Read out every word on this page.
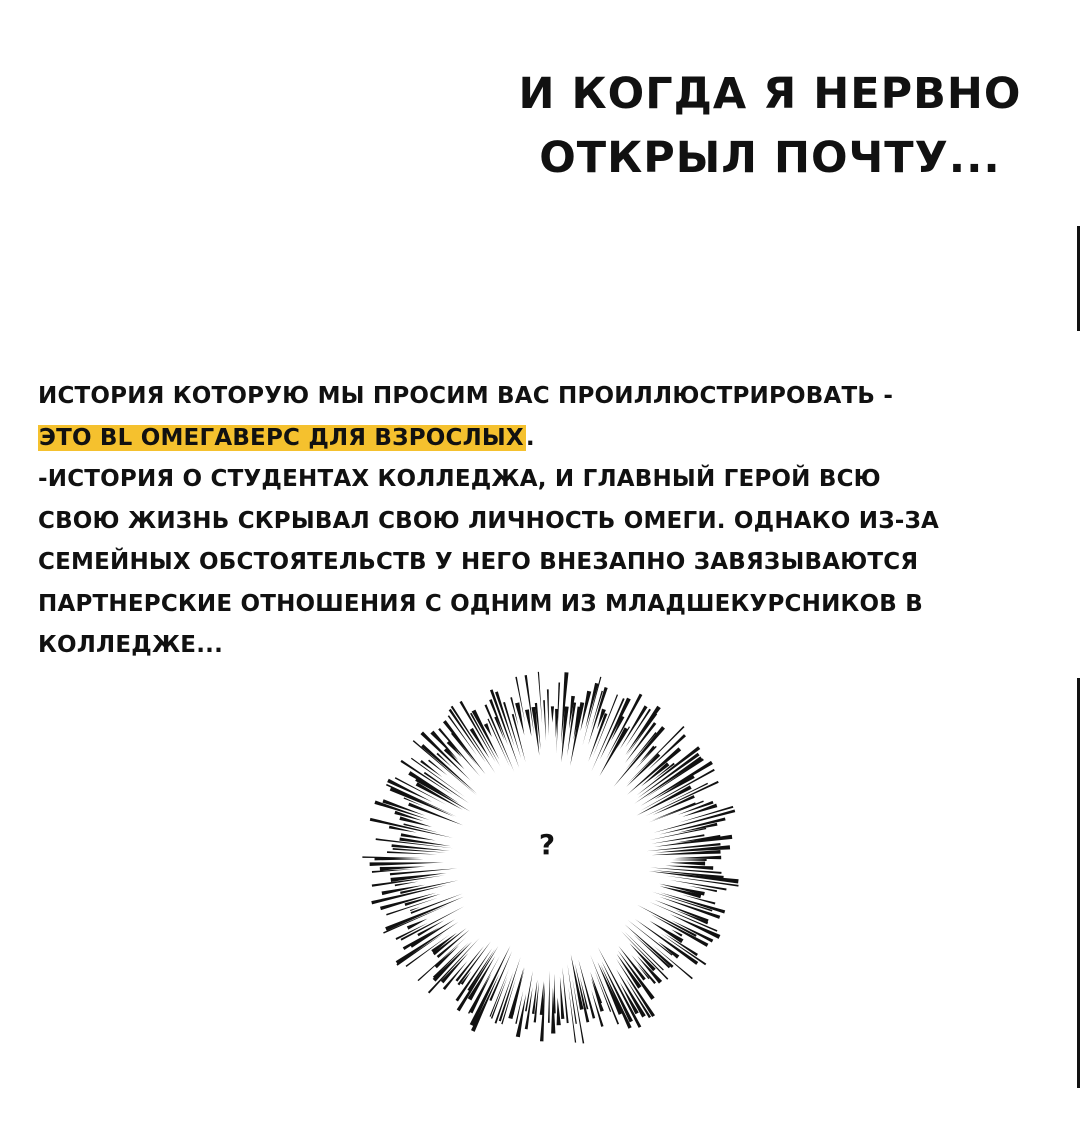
И КОГДА Я НЕРВНО
ОТКРЫЛ ПОЧТУ...
ИСТОРИЯ КОТОРУЮ МЫ ПРОСИМ ВАС ПРОИЛЛЮСТРИРОВАТЬ -
ЭТО BL ОМЕГАВЕРС ДЛЯ ВЗРОСЛЫХ.
-ИСТОРИЯ О СТУДЕНТАХ КОЛЛЕДЖА, И ГЛАВНЫЙ ГЕРОЙ ВСЮ
СВОЮ ЖИЗНЬ СКРЫВАЛ СВОЮ ЛИЧНОСТЬ ОМЕГИ. ОДНАКО ИЗ-ЗА
СЕМЕЙНЫХ ОБСТОЯТЕЛЬСТВ У НЕГО ВНЕЗАПНО ЗАВЯЗЫВАЮТСЯ
ПАРТНЕРСКИЕ ОТНОШЕНИЯ С ОДНИМ ИЗ МЛАДШЕКУРСНИКОВ В
КОЛЛЕДЖЕ...
?
